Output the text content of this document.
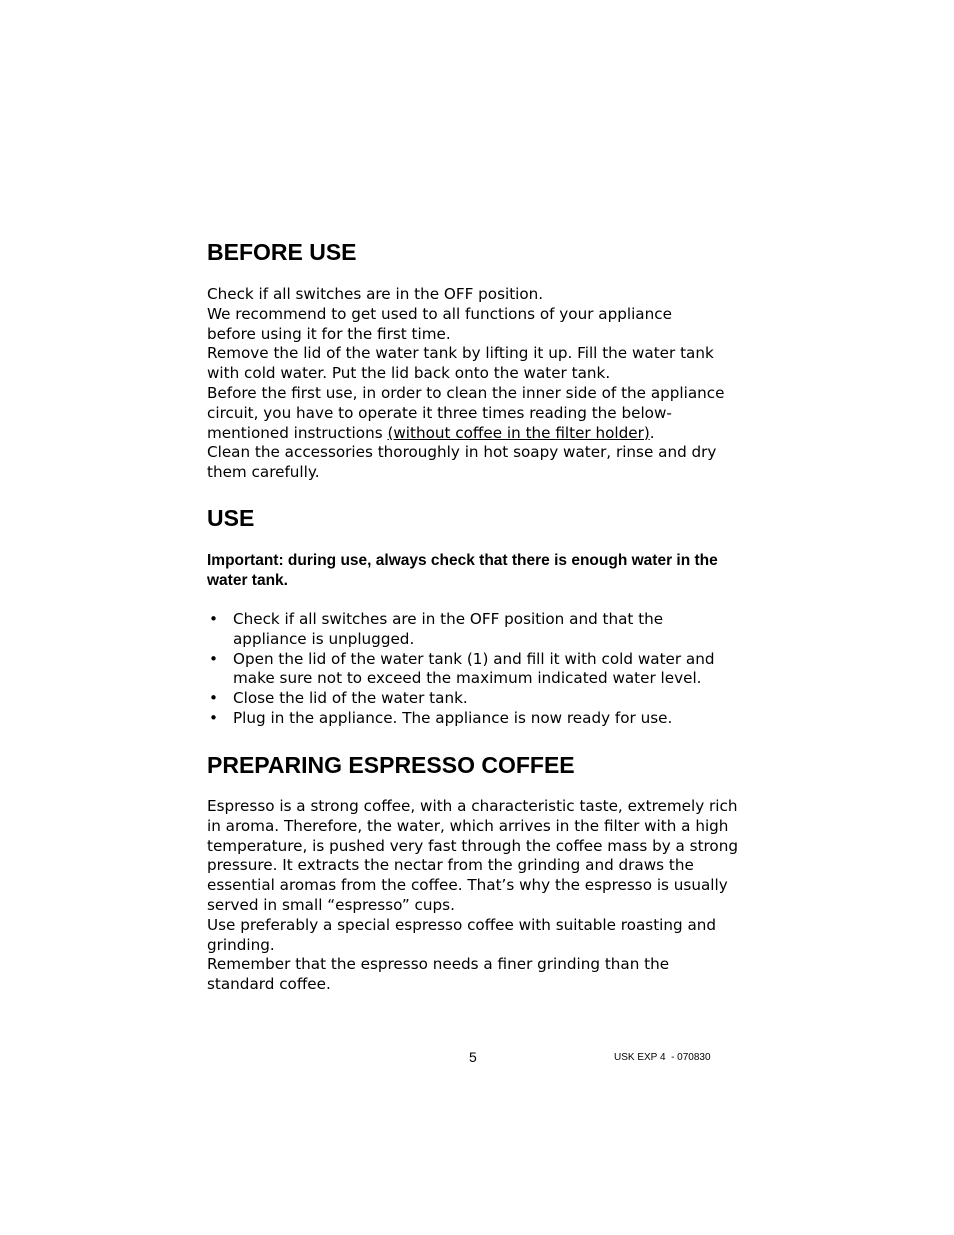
BEFORE USE
Check if all switches are in the OFF position.
We recommend to get used to all functions of your appliance
before using it for the first time.
Remove the lid of the water tank by lifting it up. Fill the water tank
with cold water. Put the lid back onto the water tank.
Before the first use, in order to clean the inner side of the appliance
circuit, you have to operate it three times reading the below-
mentioned instructions (without coffee in the filter holder).
Clean the accessories thoroughly in hot soapy water, rinse and dry
them carefully.
USE
Important: during use, always check that there is enough water in the
water tank.
• Check if all switches are in the OFF position and that the
appliance is unplugged.
• Open the lid of the water tank (1) and fill it with cold water and
make sure not to exceed the maximum indicated water level.
• Close the lid of the water tank.
• Plug in the appliance. The appliance is now ready for use.
PREPARING ESPRESSO COFFEE
Espresso is a strong coffee, with a characteristic taste, extremely rich
in aroma. Therefore, the water, which arrives in the filter with a high
temperature, is pushed very fast through the coffee mass by a strong
pressure. It extracts the nectar from the grinding and draws the
essential aromas from the coffee. That’s why the espresso is usually
served in small “espresso” cups.
Use preferably a special espresso coffee with suitable roasting and
grinding.
Remember that the espresso needs a finer grinding than the
standard coffee.
5	USK EXP 4  - 070830
